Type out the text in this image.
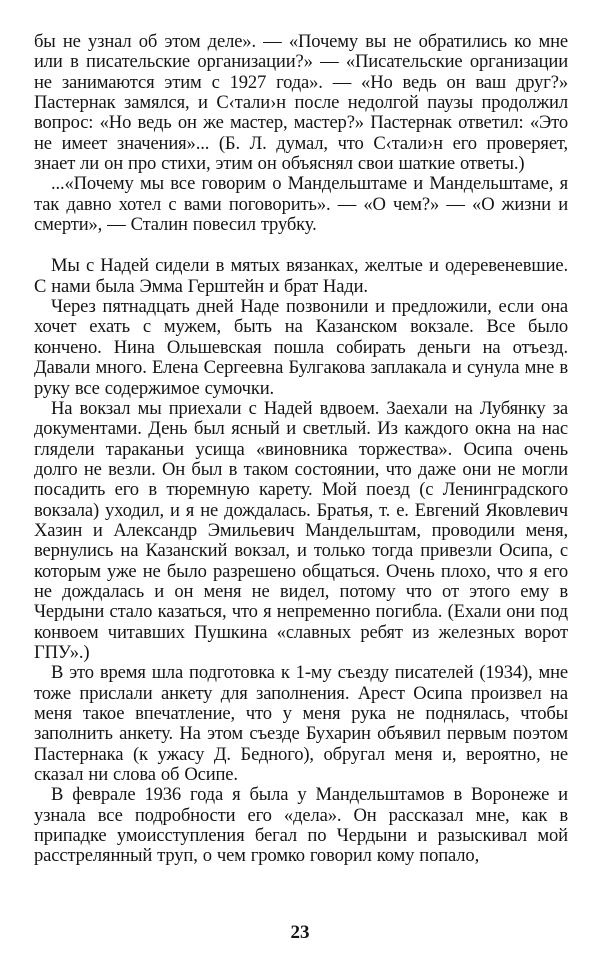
бы не узнал об этом деле». — «Почему вы не обратились ко мне или в писательские организации?» — «Писательские организации не занимаются этим с 1927 года». — «Но ведь он ваш друг?» Пастернак замялся, и С‹тали›н после недолгой паузы продолжил вопрос: «Но ведь он же мастер, мастер?» Пастернак ответил: «Это не имеет значения»... (Б. Л. думал, что С‹тали›н его проверяет, знает ли он про стихи, этим он объяснял свои шаткие ответы.)

...«Почему мы все говорим о Мандельштаме и Мандельштаме, я так давно хотел с вами поговорить». — «О чем?» — «О жизни и смерти», — Сталин повесил трубку.

Мы с Надей сидели в мятых вязанках, желтые и одеревеневшие. С нами была Эмма Герштейн и брат Нади.

Через пятнадцать дней Наде позвонили и предложили, если она хочет ехать с мужем, быть на Казанском вокзале. Все было кончено. Нина Ольшевская пошла собирать деньги на отъезд. Давали много. Елена Сергеевна Булгакова заплакала и сунула мне в руку все содержимое сумочки.

На вокзал мы приехали с Надей вдвоем. Заехали на Лубянку за документами. День был ясный и светлый. Из каждого окна на нас глядели тараканьи усища «виновника торжества». Осипа очень долго не везли. Он был в таком состоянии, что даже они не могли посадить его в тюремную карету. Мой поезд (с Ленинградского вокзала) уходил, и я не дождалась. Братья, т. е. Евгений Яковлевич Хазин и Александр Эмильевич Мандельштам, проводили меня, вернулись на Казанский вокзал, и только тогда привезли Осипа, с которым уже не было разрешено общаться. Очень плохо, что я его не дождалась и он меня не видел, потому что от этого ему в Чердыни стало казаться, что я непременно погибла. (Ехали они под конвоем читавших Пушкина «славных ребят из железных ворот ГПУ».)

В это время шла подготовка к 1-му съезду писателей (1934), мне тоже прислали анкету для заполнения. Арест Осипа произвел на меня такое впечатление, что у меня рука не поднялась, чтобы заполнить анкету. На этом съезде Бухарин объявил первым поэтом Пастернака (к ужасу Д. Бедного), обругал меня и, вероятно, не сказал ни слова об Осипе.

В феврале 1936 года я была у Мандельштамов в Воронеже и узнала все подробности его «дела». Он рассказал мне, как в припадке умоисступления бегал по Чердыни и разыскивал мой расстрелянный труп, о чем громко говорил кому попало,

23
